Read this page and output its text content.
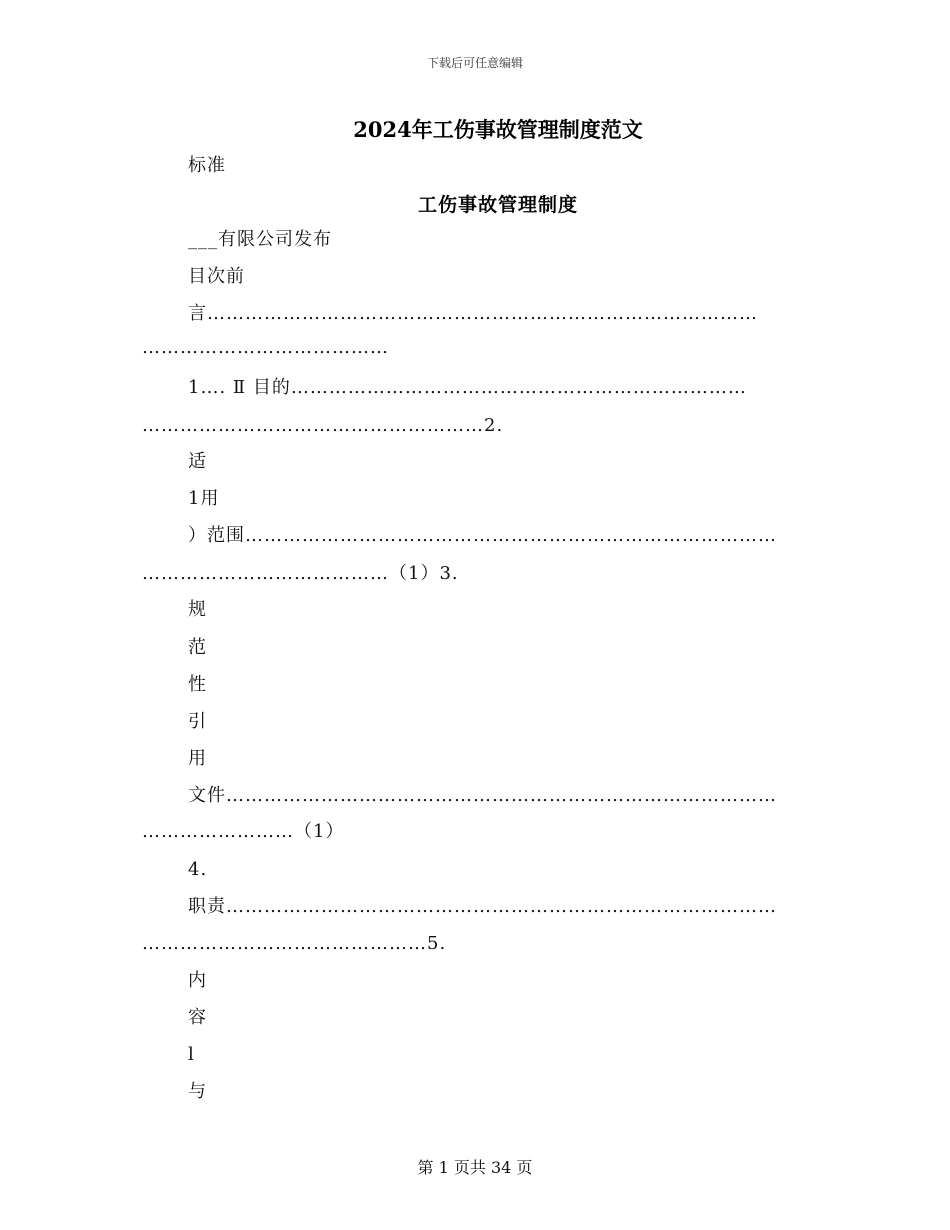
下载后可任意编辑
2024年工伤事故管理制度范文
标准
工伤事故管理制度
___有限公司发布
目次前
言……………………………………………………………………………
…………………………………
1…. Ⅱ 目的………………………………………………………………
………………………………………………2.
适
1用
）范围…………………………………………………………………………
…………………………………（1）3.
规
范
性
引
用
文件……………………………………………………………………………
……………………（1）
4.
职责……………………………………………………………………………
………………………………………5.
内
容
l
与
第 1 页共 34 页
